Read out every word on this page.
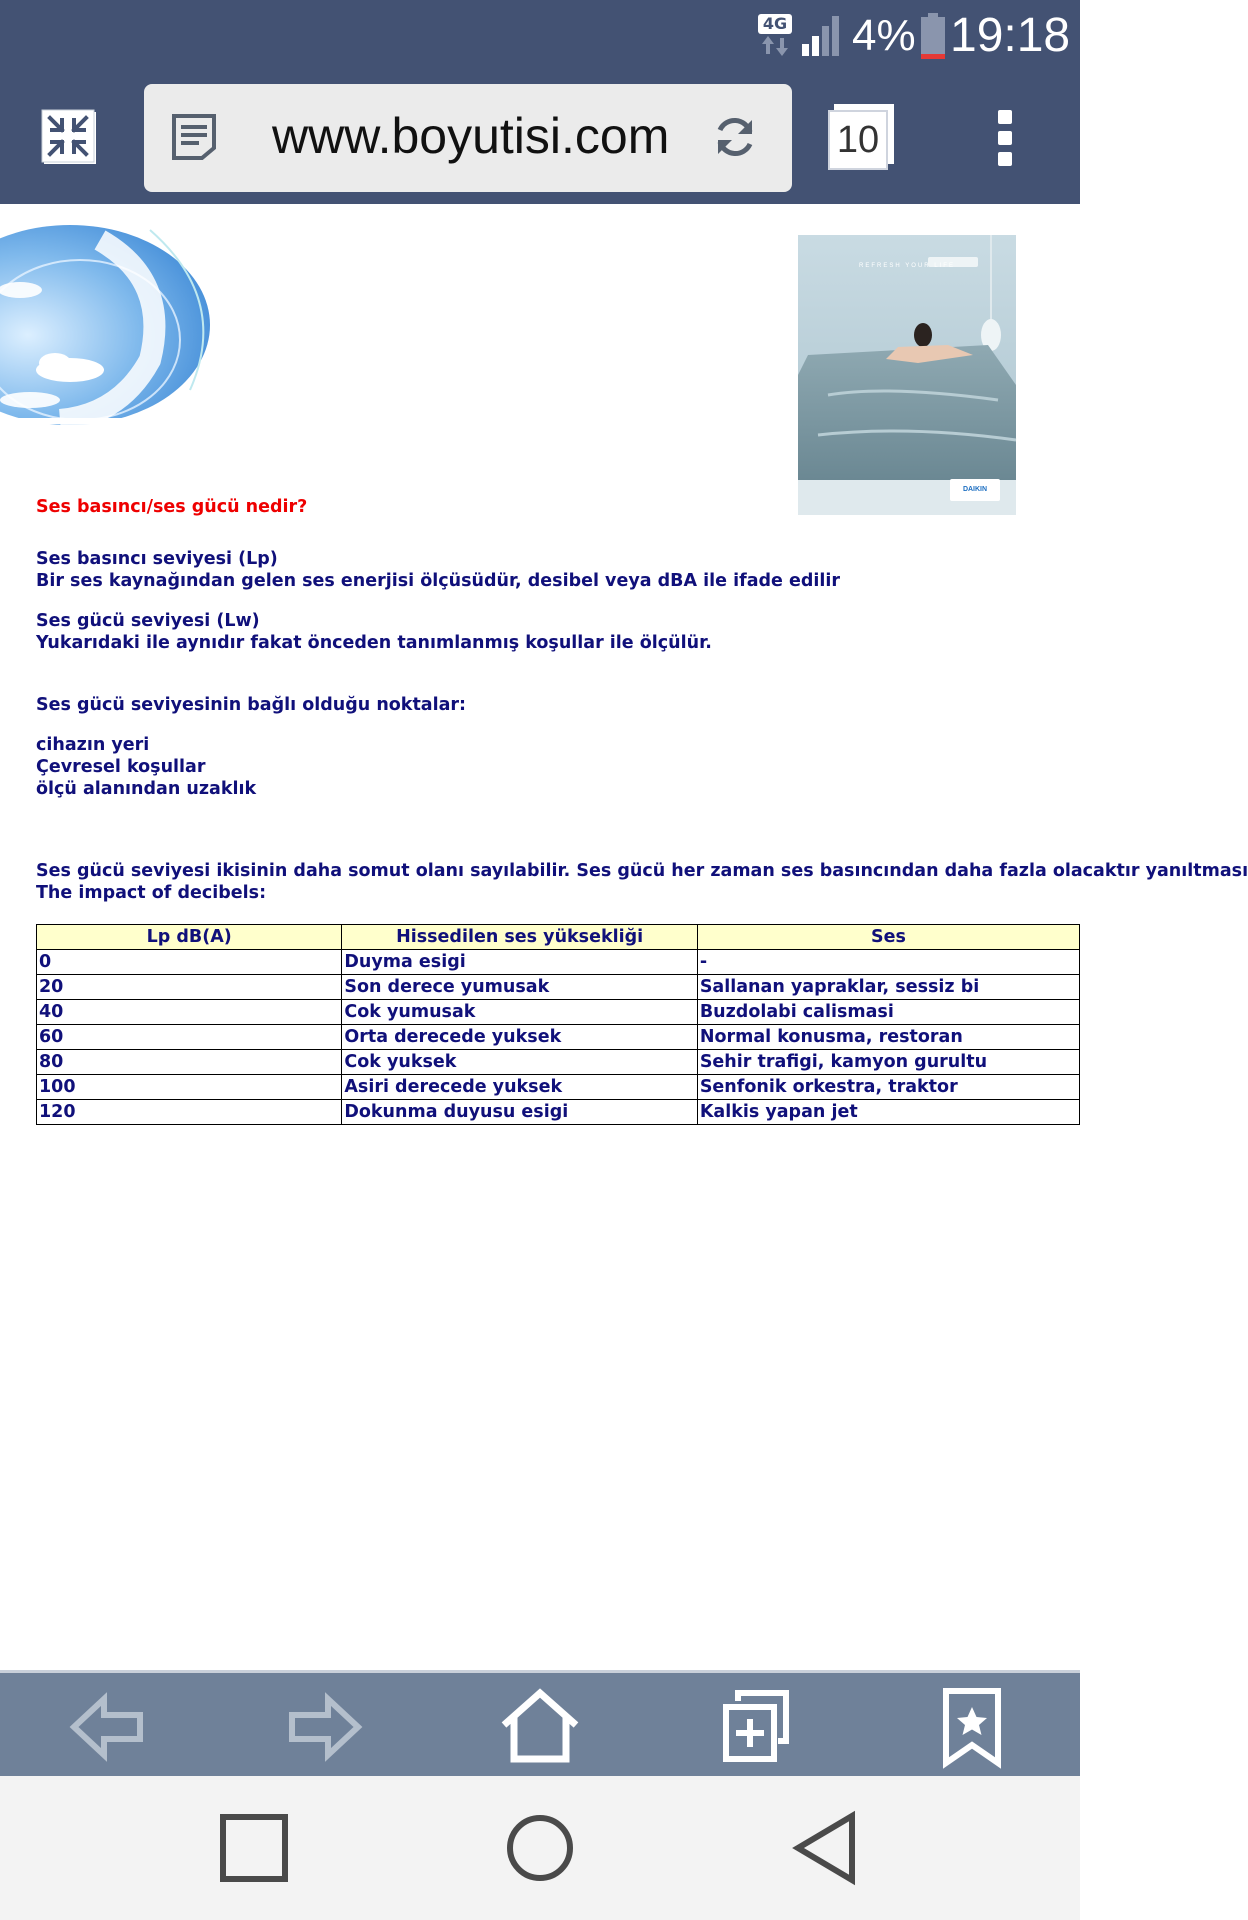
4G 4% 19:18
www.boyutisi.com	10
REFRESH YOUR LIFE
DAIKIN
Ses basıncı/ses gücü nedir?
Ses basıncı seviyesi (Lp)
Bir ses kaynağından gelen ses enerjisi ölçüsüdür, desibel veya dBA ile ifade edilir
Ses gücü seviyesi (Lw)
Yukarıdaki ile aynıdır fakat önceden tanımlanmış koşullar ile ölçülür.
Ses gücü seviyesinin bağlı olduğu noktalar:
cihazın yeri
Çevresel koşullar
ölçü alanından uzaklık
Ses gücü seviyesi ikisinin daha somut olanı sayılabilir. Ses gücü her zaman ses basıncından daha fazla olacaktır yanıltması
The impact of decibels:
Lp dB(A)	Hissedilen ses yüksekliği	Ses
0	Duyma esigi	-
20	Son derece yumusak	Sallanan yapraklar, sessiz bi
40	Cok yumusak	Buzdolabi calismasi
60	Orta derecede yuksek	Normal konusma, restoran
80	Cok yuksek	Sehir trafigi, kamyon gurultu
100	Asiri derecede yuksek	Senfonik orkestra, traktor
120	Dokunma duyusu esigi	Kalkis yapan jet
